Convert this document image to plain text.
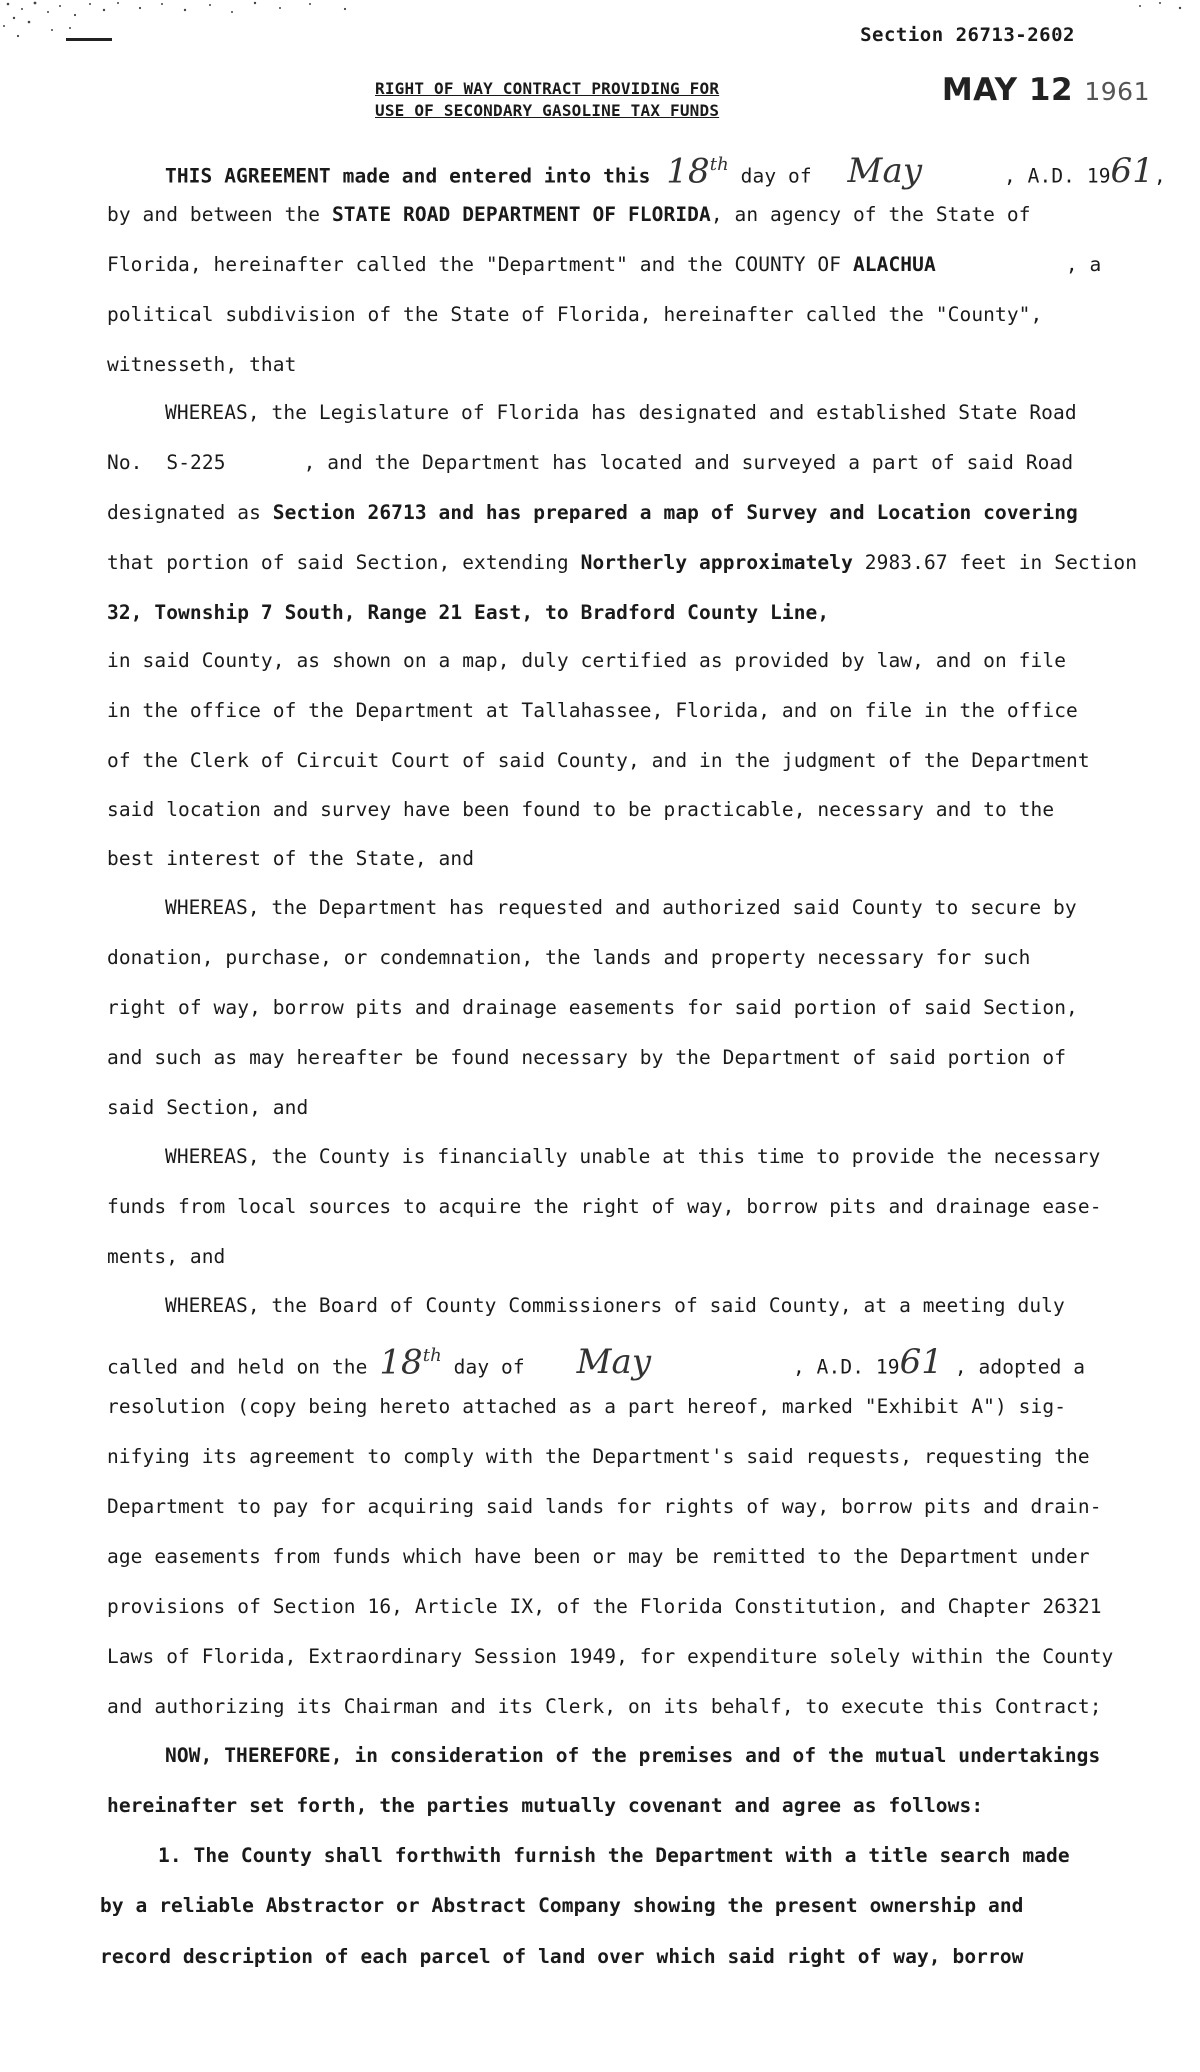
Section 26713-2602
MAY 12 1961
RIGHT OF WAY CONTRACT PROVIDING FOR
USE OF SECONDARY GASOLINE TAX FUNDS
THIS AGREEMENT made and entered into this 18th day of May	, A.D. 1961,
by and between the STATE ROAD DEPARTMENT OF FLORIDA, an agency of the State of
Florida, hereinafter called the "Department" and the COUNTY OF ALACHUA	, a
political subdivision of the State of Florida, hereinafter called the "County",
witnesseth, that
WHEREAS, the Legislature of Florida has designated and established State Road
No. S-225	, and the Department has located and surveyed a part of said Road
designated as Section 26713 and has prepared a map of Survey and Location covering
that portion of said Section, extending Northerly approximately 2983.67 feet in Section
32, Township 7 South, Range 21 East, to Bradford County Line,
in said County, as shown on a map, duly certified as provided by law, and on file
in the office of the Department at Tallahassee, Florida, and on file in the office
of the Clerk of Circuit Court of said County, and in the judgment of the Department
said location and survey have been found to be practicable, necessary and to the
best interest of the State, and
WHEREAS, the Department has requested and authorized said County to secure by
donation, purchase, or condemnation, the lands and property necessary for such
right of way, borrow pits and drainage easements for said portion of said Section,
and such as may hereafter be found necessary by the Department of said portion of
said Section, and
WHEREAS, the County is financially unable at this time to provide the necessary
funds from local sources to acquire the right of way, borrow pits and drainage ease-
ments, and
WHEREAS, the Board of County Commissioners of said County, at a meeting duly
called and held on the 18th day of May	, A.D. 1961 , adopted a
resolution (copy being hereto attached as a part hereof, marked "Exhibit A") sig-
nifying its agreement to comply with the Department's said requests, requesting the
Department to pay for acquiring said lands for rights of way, borrow pits and drain-
age easements from funds which have been or may be remitted to the Department under
provisions of Section 16, Article IX, of the Florida Constitution, and Chapter 26321
Laws of Florida, Extraordinary Session 1949, for expenditure solely within the County
and authorizing its Chairman and its Clerk, on its behalf, to execute this Contract;
NOW, THEREFORE, in consideration of the premises and of the mutual undertakings
hereinafter set forth, the parties mutually covenant and agree as follows:
1. The County shall forthwith furnish the Department with a title search made
by a reliable Abstractor or Abstract Company showing the present ownership and
record description of each parcel of land over which said right of way, borrow
